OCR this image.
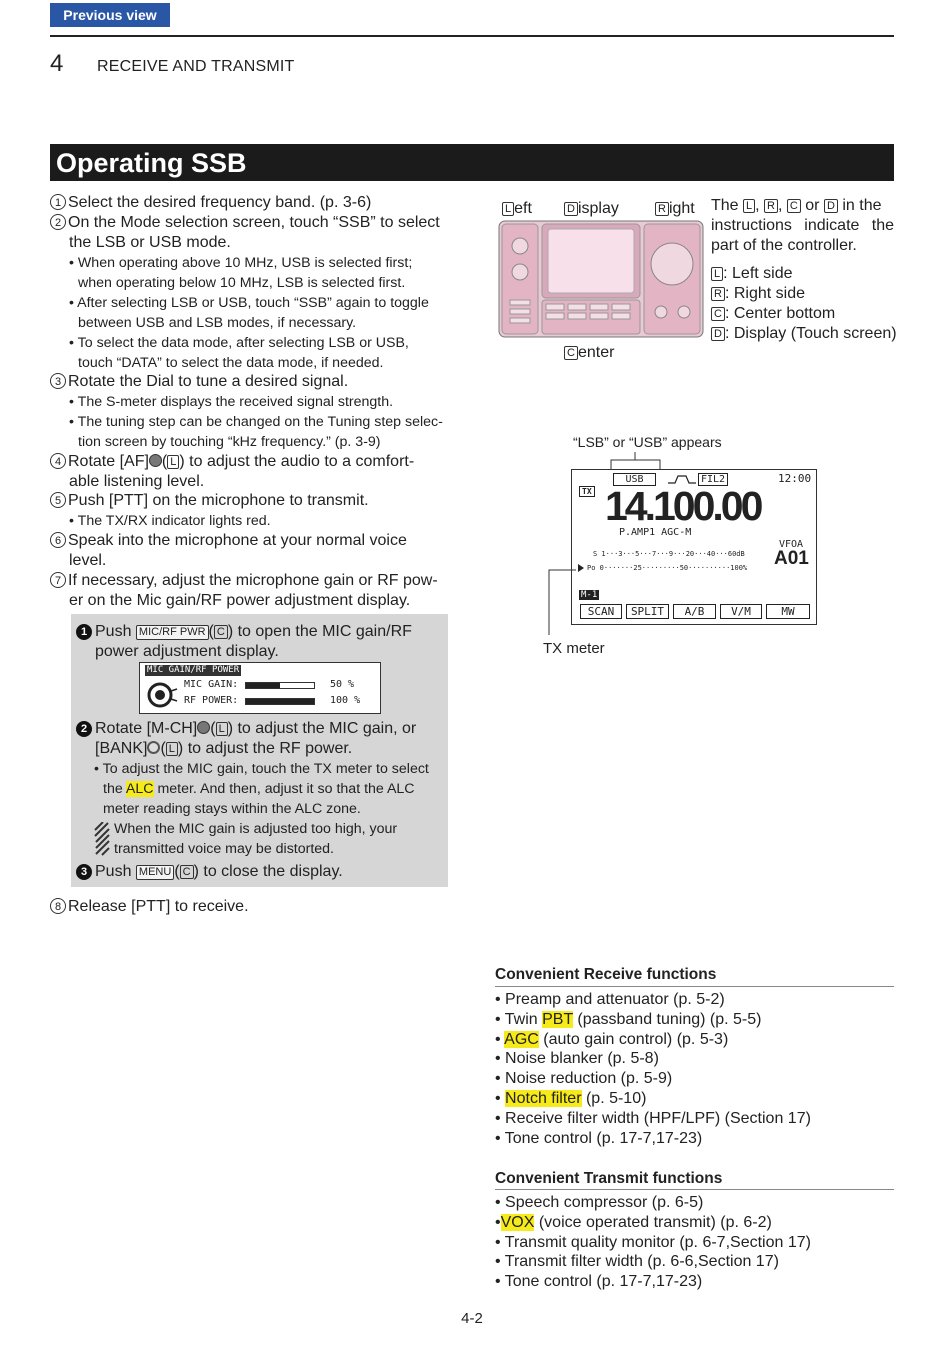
Previous view
4 RECEIVE AND TRANSMIT
Operating SSB
1 Select the desired frequency band. (p. 3-6)
2 On the Mode selection screen, touch “SSB” to select
the LSB or USB mode.
• When operating above 10 MHz, USB is selected first;
when operating below 10 MHz, LSB is selected first.
• After selecting LSB or USB, touch “SSB” again to toggle
between USB and LSB modes, if necessary.
• To select the data mode, after selecting LSB or USB,
touch “DATA” to select the data mode, if needed.
3 Rotate the Dial to tune a desired signal.
• The S-meter displays the received signal strength.
• The tuning step can be changed on the Tuning step selec-
tion screen by touching “kHz frequency.” (p. 3-9)
4 Rotate [AF] ( L ) to adjust the audio to a comfort-
able listening level.
5 Push [PTT] on the microphone to transmit.
• The TX/RX indicator lights red.
6 Speak into the microphone at your normal voice
level.
7 If necessary, adjust the microphone gain or RF pow-
er on the Mic gain/RF power adjustment display.
1 Push MIC/RF PWR ( C ) to open the MIC gain/RF
power adjustment display.
MIC GAIN/RF POWER
MIC GAIN:	50 %
RF POWER:	100 %
2 Rotate [M-CH] ( L ) to adjust the MIC gain, or
[BANK] ( L ) to adjust the RF power.
• To adjust the MIC gain, touch the TX meter to select
the ALC meter. And then, adjust it so that the ALC
meter reading stays within the ALC zone.
When the MIC gain is adjusted too high, your
transmitted voice may be distorted.
3 Push MENU ( C ) to close the display.
8 Release [PTT] to receive.
L eft	D isplay	R ight
C enter
The L , R , C or D in the
instructions indicate the
part of the controller.
L : Left side
R : Right side
C : Center bottom
D : Display (Touch screen)
“LSB” or “USB” appears
USB	FIL2	12:00
TX 14.100.00
P.AMP1 AGC-M
VFOA
A01
S 1···3···5···7···9···20···40···60dB
Po 0·······25·········50··········100%
M-1
SCAN	SPLIT	A/B	V/M	MW
TX meter
Convenient Receive functions
• Preamp and attenuator (p. 5-2)
• Twin PBT (passband tuning) (p. 5-5)
• AGC (auto gain control) (p. 5-3)
• Noise blanker (p. 5-8)
• Noise reduction (p. 5-9)
• Notch filter (p. 5-10)
• Receive filter width (HPF/LPF) (Section 17)
• Tone control (p. 17-7,17-23)
Convenient Transmit functions
• Speech compressor (p. 6-5)
•VOX (voice operated transmit) (p. 6-2)
• Transmit quality monitor (p. 6-7,Section 17)
• Transmit filter width (p. 6-6,Section 17)
• Tone control (p. 17-7,17-23)
4-2
